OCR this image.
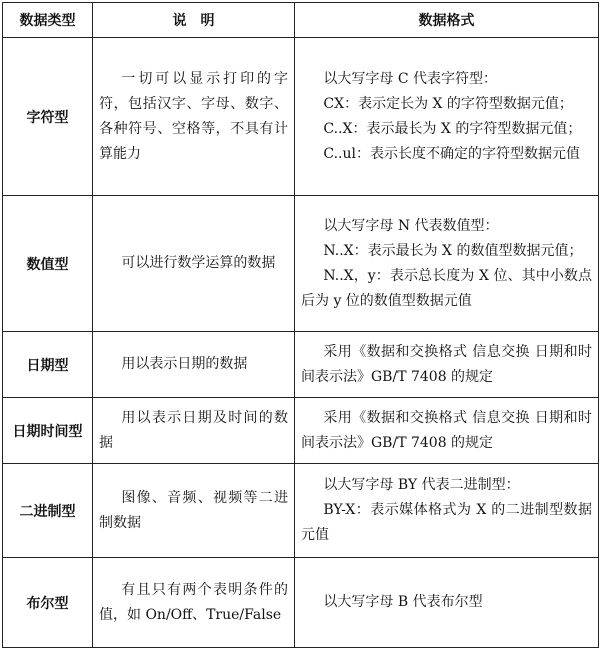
数据类型	说　明	数据格式
字符型	一切可以显示打印的字符，包括汉字、字母、数字、各种符号、空格等，不具有计算能力	以大写字母 C 代表字符型：

CX：表示定长为 X 的字符型数据元值；

C..X：表示最长为 X 的字符型数据元值；

C..ul：表示长度不确定的字符型数据元值

数值型	可以进行数学运算的数据	以大写字母 N 代表数值型：

N..X：表示最长为 X 的数值型数据元值；

N..X，y：表示总长度为 X 位、其中小数点后为 y 位的数值型数据元值

日期型	用以表示日期的数据	采用《数据和交换格式 信息交换 日期和时间表示法》GB/T 7408 的规定

日期时间型	用以表示日期及时间的数据	采用《数据和交换格式 信息交换 日期和时间表示法》GB/T 7408 的规定

二进制型	图像、音频、视频等二进制数据	以大写字母 BY 代表二进制型：

BY-X：表示媒体格式为 X 的二进制型数据元值

布尔型	有且只有两个表明条件的值，如 On/Off、True/False	以大写字母 B 代表布尔型
